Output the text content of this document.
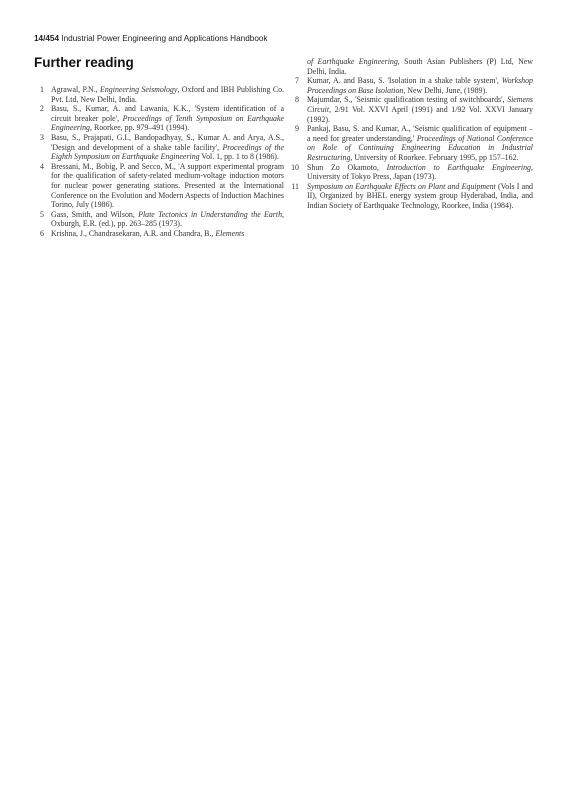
14/454 Industrial Power Engineering and Applications Handbook
Further reading
1 Agrawal, P.N., Engineering Seismology, Oxford and IBH Publishing Co. Pvt. Ltd, New Delhi, India.
2 Basu, S., Kumar, A. and Lawania, K.K., 'System identification of a circuit breaker pole', Proceedings of Tenth Symposium on Earthquake Engineering, Roorkee, pp. 979–491 (1994).
3 Basu, S., Prajapati, G.I., Bandopadhyay, S., Kumar A. and Arya, A.S., 'Design and development of a shake table facility', Proceedings of the Eighth Symposium on Earthquake Engineering Vol. 1, pp. 1 to 8 (1986).
4 Bressani, M., Bobig, P. and Secco, M., 'A support experimental program for the qualification of safety-related medium-voltage induction motors for nuclear power generating stations. Presented at the International Conference on the Evolution and Modern Aspects of Induction Machines Torino, July (1986).
5 Gass, Smith, and Wilson, Plate Tectonics in Understanding the Earth, Oxburgh, E.R. (ed.), pp. 263–285 (1973).
6 Krishna, J., Chandrasekaran, A.R. and Chandra, B., Elements
of Earthquake Engineering, South Asian Publishers (P) Ltd, New Delhi, India.
7 Kumar, A. and Basu, S. 'Isolation in a shake table system', Workshop Proceedings on Base Isolation, New Delhi, June, (1989).
8 Majumdar, S., 'Seismic qualification testing of switchboards', Siemens Circuit, 2/91 Vol. XXVI April (1991) and 1/92 Vol. XXVI January (1992).
9 Pankaj, Basu, S. and Kumar, A., 'Seismic qualification of equipment – a need for greater understanding,' Proceedings of National Conference on Role of Continuing Engineering Education in Industrial Restructuring, University of Roorkee. February 1995, pp 157–162.
10 Shun Zo Okamoto, Introduction to Earthquake Engineering, University of Tokyo Press, Japan (1973).
11 Symposium on Earthquake Effects on Plant and Equipment (Vols I and II), Organized by BHEL energy system group Hyderabad, India, and Indian Society of Earthquake Technology, Roorkee, India (1984).
